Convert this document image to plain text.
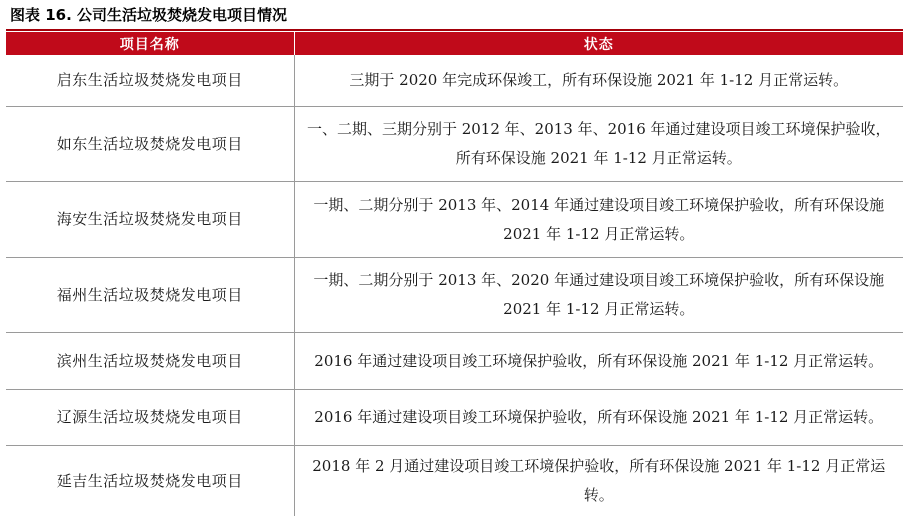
图表 16. 公司生活垃圾焚烧发电项目情况
项目名称	状态
启东生活垃圾焚烧发电项目	三期于 2020 年完成环保竣工，所有环保设施 2021 年 1-12 月正常运转。
如东生活垃圾焚烧发电项目	一、二期、三期分别于 2012 年、2013 年、2016 年通过建设项目竣工环境保护验收，所有环保设施 2021 年 1-12 月正常运转。
海安生活垃圾焚烧发电项目	一期、二期分别于 2013 年、2014 年通过建设项目竣工环境保护验收，所有环保设施 2021 年 1-12 月正常运转。
福州生活垃圾焚烧发电项目	一期、二期分别于 2013 年、2020 年通过建设项目竣工环境保护验收，所有环保设施 2021 年 1-12 月正常运转。
滨州生活垃圾焚烧发电项目	2016 年通过建设项目竣工环境保护验收，所有环保设施 2021 年 1-12 月正常运转。
辽源生活垃圾焚烧发电项目	2016 年通过建设项目竣工环境保护验收，所有环保设施 2021 年 1-12 月正常运转。
延吉生活垃圾焚烧发电项目	2018 年 2 月通过建设项目竣工环境保护验收，所有环保设施 2021 年 1-12 月正常运转。
